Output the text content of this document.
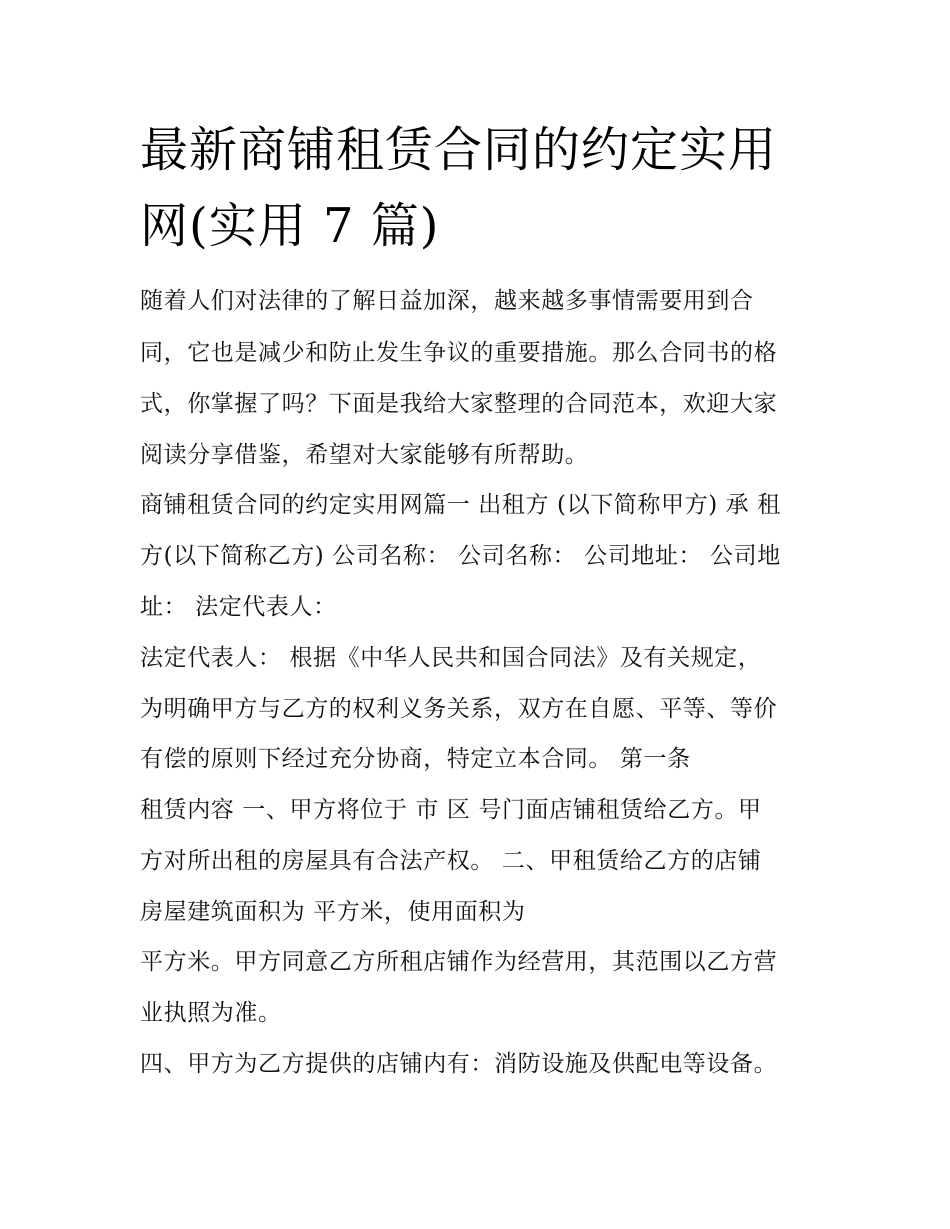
最新商铺租赁合同的约定实用
网(实用 7 篇)

随着人们对法律的了解日益加深，越来越多事情需要用到合

同，它也是减少和防止发生争议的重要措施。那么合同书的格

式，你掌握了吗？下面是我给大家整理的合同范本，欢迎大家

阅读分享借鉴，希望对大家能够有所帮助。

商铺租赁合同的约定实用网篇一 出租方 (以下简称甲方) 承 租

方(以下简称乙方) 公司名称： 公司名称： 公司地址： 公司地

址： 法定代表人：

法定代表人： 根据《中华人民共和国合同法》及有关规定，

为明确甲方与乙方的权利义务关系，双方在自愿、平等、等价

有偿的原则下经过充分协商，特定立本合同。 第一条

租赁内容 一、甲方将位于 市 区 号门面店铺租赁给乙方。甲

方对所出租的房屋具有合法产权。 二、甲租赁给乙方的店铺

房屋建筑面积为 平方米，使用面积为

平方米。甲方同意乙方所租店铺作为经营用，其范围以乙方营

业执照为准。

四、甲方为乙方提供的店铺内有：消防设施及供配电等设备。
